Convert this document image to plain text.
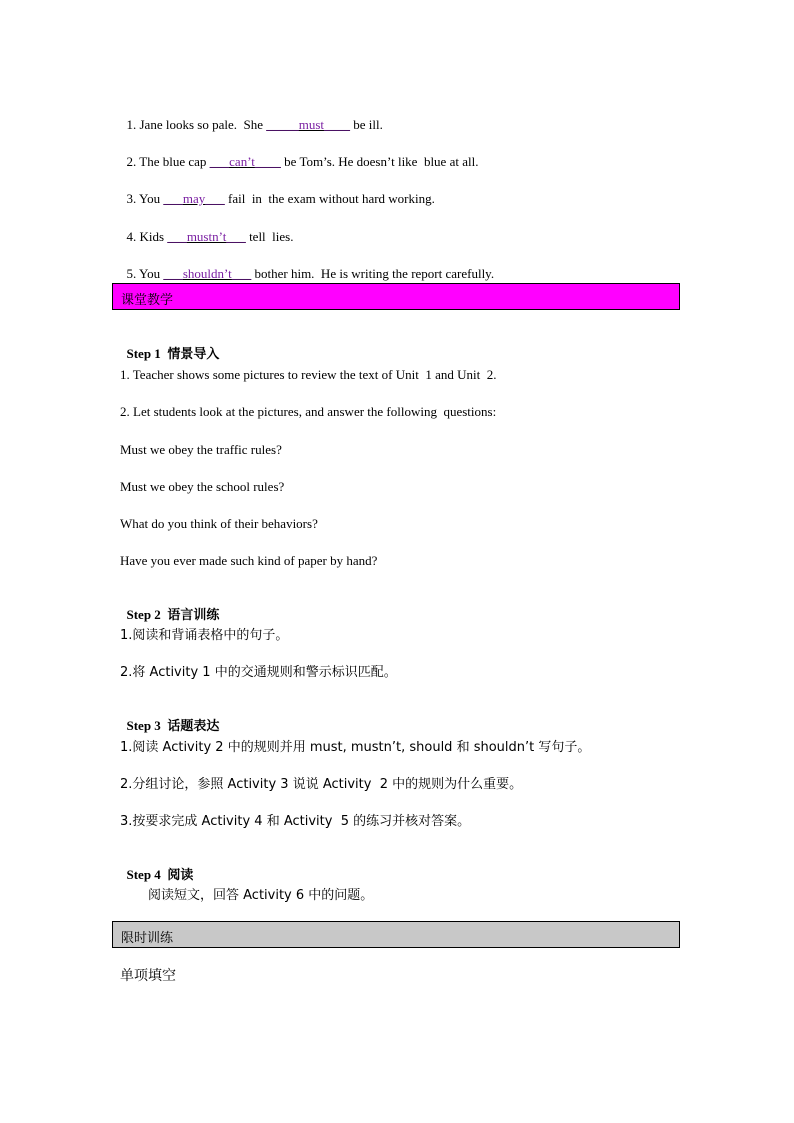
1. Jane looks so pale.  She _____must____ be ill.

2. The blue cap ___can’t____ be Tom’s. He doesn’t like  blue at all.

3. You ___may___ fail  in  the exam without hard working.

4. Kids ___mustn’t___ tell  lies.

5. You ___shouldn’t___ bother him.  He is writing the report carefully.

课堂教学

Step 1 情景导入

1. Teacher shows some pictures to review the text of Unit  1 and Unit  2.
2. Let students look at the pictures, and answer the following  questions:
Must we obey the traffic rules?
Must we obey the school rules?
What do you think of their behaviors?
Have you ever made such kind of paper by hand?

Step 2 语言训练

1.阅读和背诵表格中的句子。
2.将 Activity 1 中的交通规则和警示标识匹配。

Step 3 话题表达

1.阅读 Activity 2 中的规则并用 must, mustn’t, should 和 shouldn’t 写句子。
2.分组讨论，参照 Activity 3 说说 Activity  2 中的规则为什么重要。
3.按要求完成 Activity 4 和 Activity  5 的练习并核对答案。

Step 4 阅读

阅读短文，回答 Activity 6 中的问题。
限时训练
单项填空
